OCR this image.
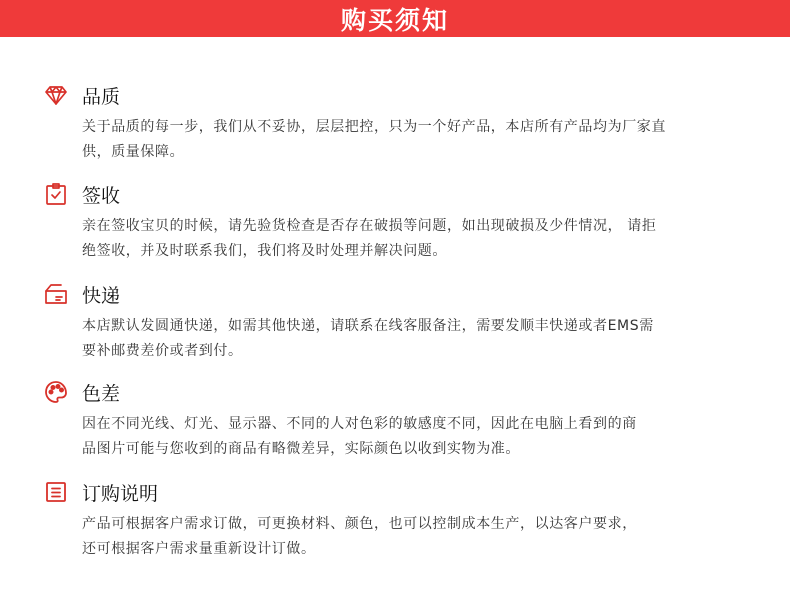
购买须知
品质
关于品质的每一步，我们从不妥协，层层把控，只为一个好产品，本店所有产品均为厂家直
供，质量保障。
签收
亲在签收宝贝的时候，请先验货检查是否存在破损等问题，如出现破损及少件情况， 请拒
绝签收，并及时联系我们，我们将及时处理并解决问题。
快递
本店默认发圆通快递，如需其他快递，请联系在线客服备注，需要发顺丰快递或者EMS需
要补邮费差价或者到付。
色差
因在不同光线、灯光、显示器、不同的人对色彩的敏感度不同，因此在电脑上看到的商
品图片可能与您收到的商品有略微差异，实际颜色以收到实物为准。
订购说明
产品可根据客户需求订做，可更换材料、颜色，也可以控制成本生产，以达客户要求，
还可根据客户需求量重新设计订做。
